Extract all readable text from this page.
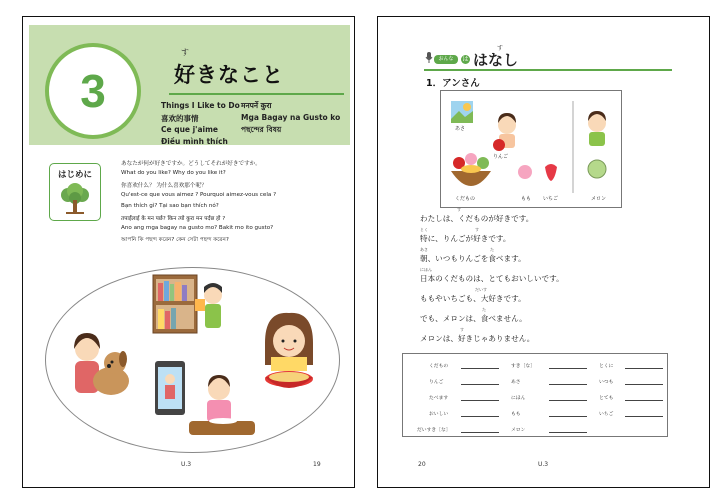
3
す
好きなこと
Things I Like to Do मनपर्ने कुरा
喜欢的事情	Mga Bagay na Gusto ko
Ce que j'aime	পছন্দের বিষয়
Điều mình thích
はじめに
あなたが何が好きですか。どうしてそれが好きですか。
What do you like? Why do you like it?
你喜欢什么？ 为什么喜欢那个呢？
Qu'est-ce que vous aimez ? Pourquoi aimez-vous cela ?
Bạn thích gì? Tại sao bạn thích nó?
तपाईंलाई के मन पर्छ? किन त्यो कुरा मन पर्दछ हो ?
Ano ang mga bagay na gusto mo? Bakit mo ito gusto?
আপনি কি পছন্দ করেন? কেন সেটা পছন্দ করেন?
U.3	19
おんな	は
す
はなし
1．アンさん
あさ
りんご
くだもの	もも いちご	メロン
す
わたしは、くだものが好きです。
とく	す
特に、りんごが好きです。
あさ	た
朝、いつもりんごを食べます。
にほん
日本のくだものは、とてもおいしいです。
だいす
ももやいちごも、大好きです。
た
でも、メロンは、食べません。
す
メロンは、好きじゃありません。
くだもの	すき［な］	とくに
りんご	あさ	いつも
たべます	にほん	とても
おいしい	もも	いちご
だいすき［な］	メロン
20	U.3
